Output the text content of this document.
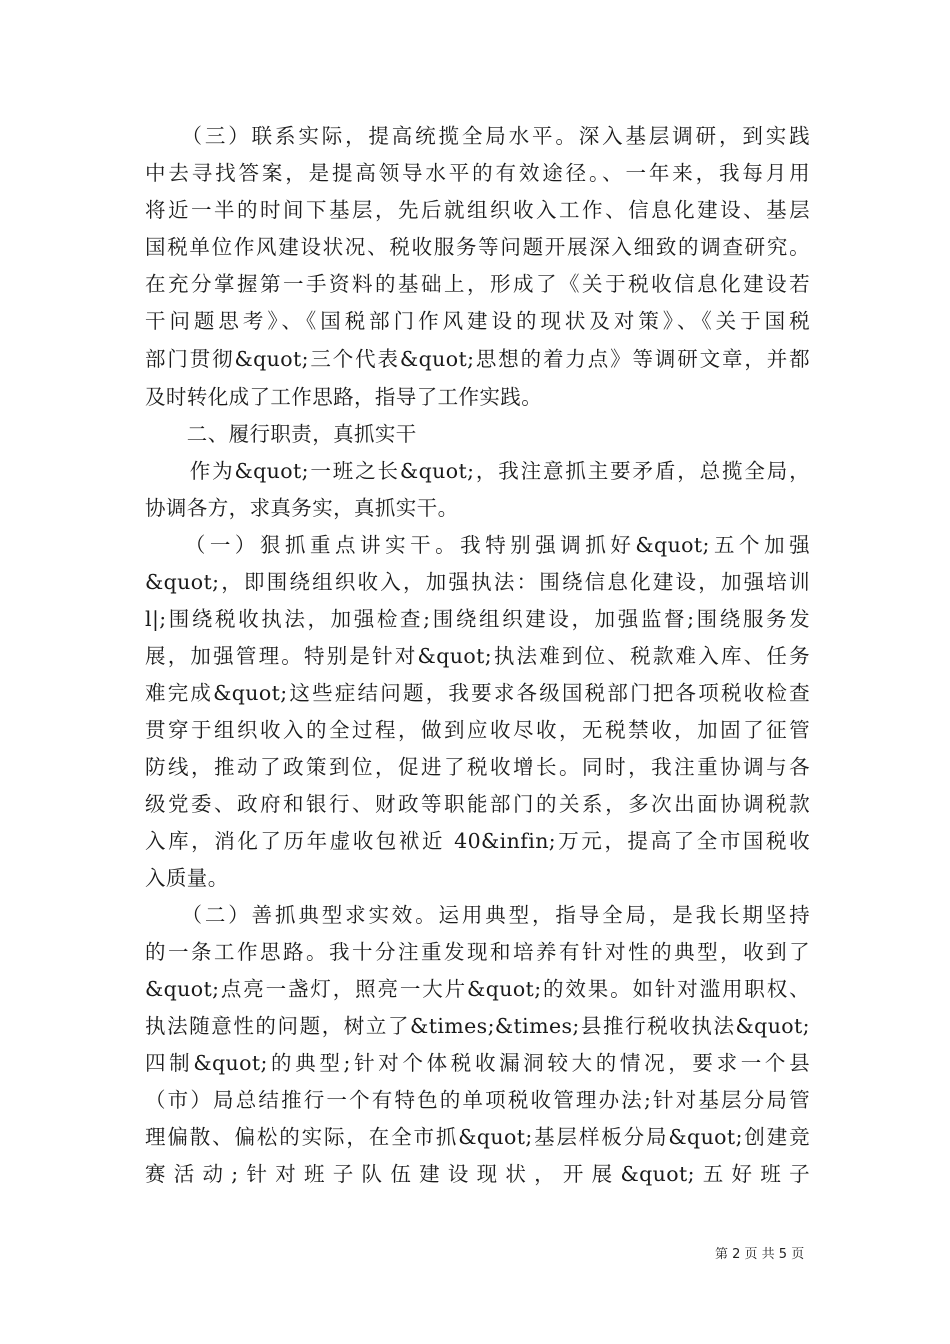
　　（三）联系实际，提高统揽全局水平。深入基层调研，到实践
中去寻找答案，是提高领导水平的有效途径。、一年来，我每月用
将近一半的时间下基层，先后就组织收入工作、信息化建设、基层
国税单位作风建设状况、税收服务等问题开展深入细致的调查研究。
在充分掌握第一手资料的基础上，形成了《关于税收信息化建设若
干问题思考》、《国税部门作风建设的现状及对策》、《关于国税
部门贯彻&quot;三个代表&quot;思想的着力点》等调研文章，并都
及时转化成了工作思路，指导了工作实践。
　　二、履行职责，真抓实干
　　作为&quot;一班之长&quot;，我注意抓主要矛盾，总揽全局，
协调各方，求真务实，真抓实干。
　　（一）狠抓重点讲实干。我特别强调抓好&quot;五个加强
&quot;，即围绕组织收入，加强执法：围绕信息化建设，加强培训
l|;围绕税收执法，加强检查;围绕组织建设，加强监督;围绕服务发
展，加强管理。特别是针对&quot;执法难到位、税款难入库、任务
难完成&quot;这些症结问题，我要求各级国税部门把各项税收检查
贯穿于组织收入的全过程，做到应收尽收，无税禁收，加固了征管
防线，推动了政策到位，促进了税收增长。同时，我注重协调与各
级党委、政府和银行、财政等职能部门的关系，多次出面协调税款
入库，消化了历年虚收包袱近 40&infin;万元，提高了全市国税收
入质量。
　　（二）善抓典型求实效。运用典型，指导全局，是我长期坚持
的一条工作思路。我十分注重发现和培养有针对性的典型，收到了
&quot;点亮一盏灯，照亮一大片&quot;的效果。如针对滥用职权、
执法随意性的问题，树立了&times;&times;县推行税收执法&quot;
四制&quot;的典型;针对个体税收漏洞较大的情况，要求一个县
（市）局总结推行一个有特色的单项税收管理办法;针对基层分局管
理偏散、偏松的实际，在全市抓&quot;基层样板分局&quot;创建竞
赛活动;针对班子队伍建设现状，开展&quot;五好班子
第 2 页 共 5 页
